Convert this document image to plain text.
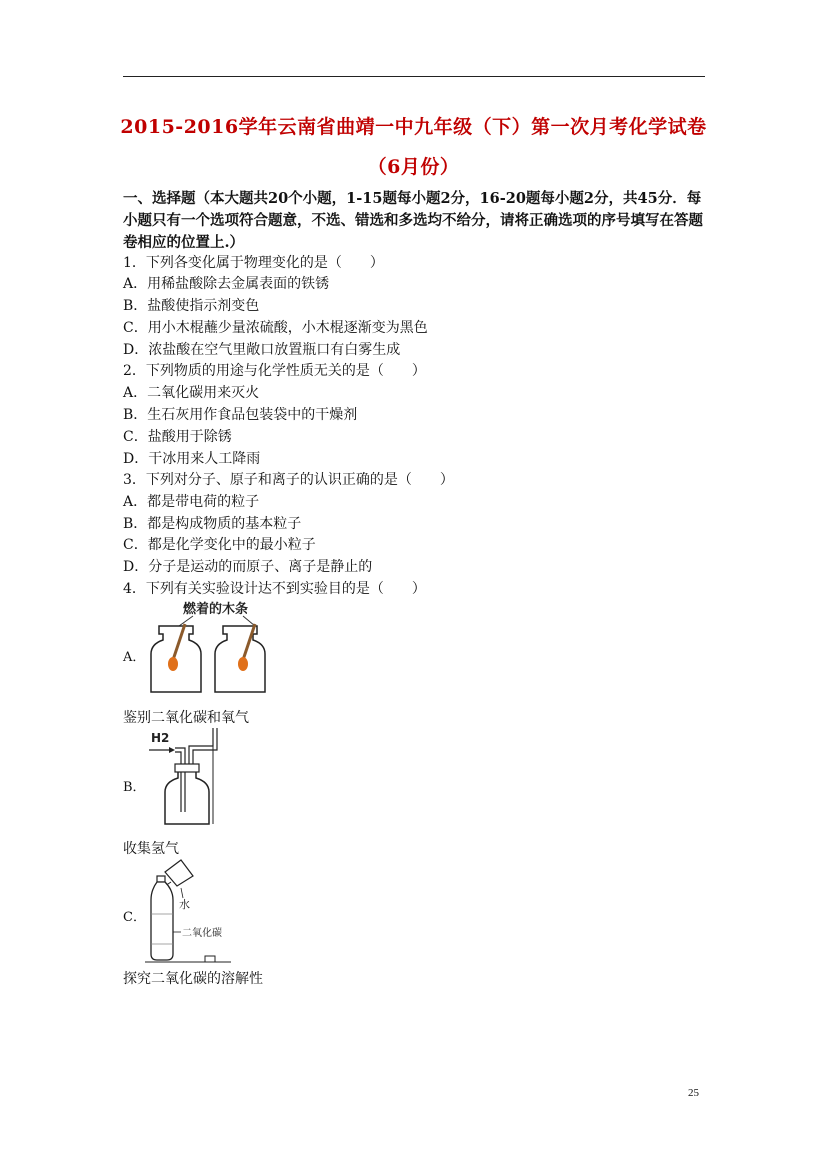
2015-2016学年云南省曲靖一中九年级（下）第一次月考化学试卷
（6月份）
一、选择题（本大题共20个小题，1-15题每小题2分，16-20题每小题2分，共45分．每小题只有一个选项符合题意，不选、错选和多选均不给分，请将正确选项的序号填写在答题卷相应的位置上.）
1．下列各变化属于物理变化的是（　　）
A．用稀盐酸除去金属表面的铁锈
B．盐酸使指示剂变色
C．用小木棍蘸少量浓硫酸，小木棍逐渐变为黑色
D．浓盐酸在空气里敞口放置瓶口有白雾生成
2．下列物质的用途与化学性质无关的是（　　）
A．二氧化碳用来灭火
B．生石灰用作食品包装袋中的干燥剂
C．盐酸用于除锈
D．干冰用来人工降雨
3．下列对分子、原子和离子的认识正确的是（　　）
A．都是带电荷的粒子
B．都是构成物质的基本粒子
C．都是化学变化中的最小粒子
D．分子是运动的而原子、离子是静止的
4．下列有关实验设计达不到实验目的是（　　）
A．
燃着的木条
鉴别二氧化碳和氧气
B．
H2
收集氢气
C．
水
二氧化碳
探究二氧化碳的溶解性
25
